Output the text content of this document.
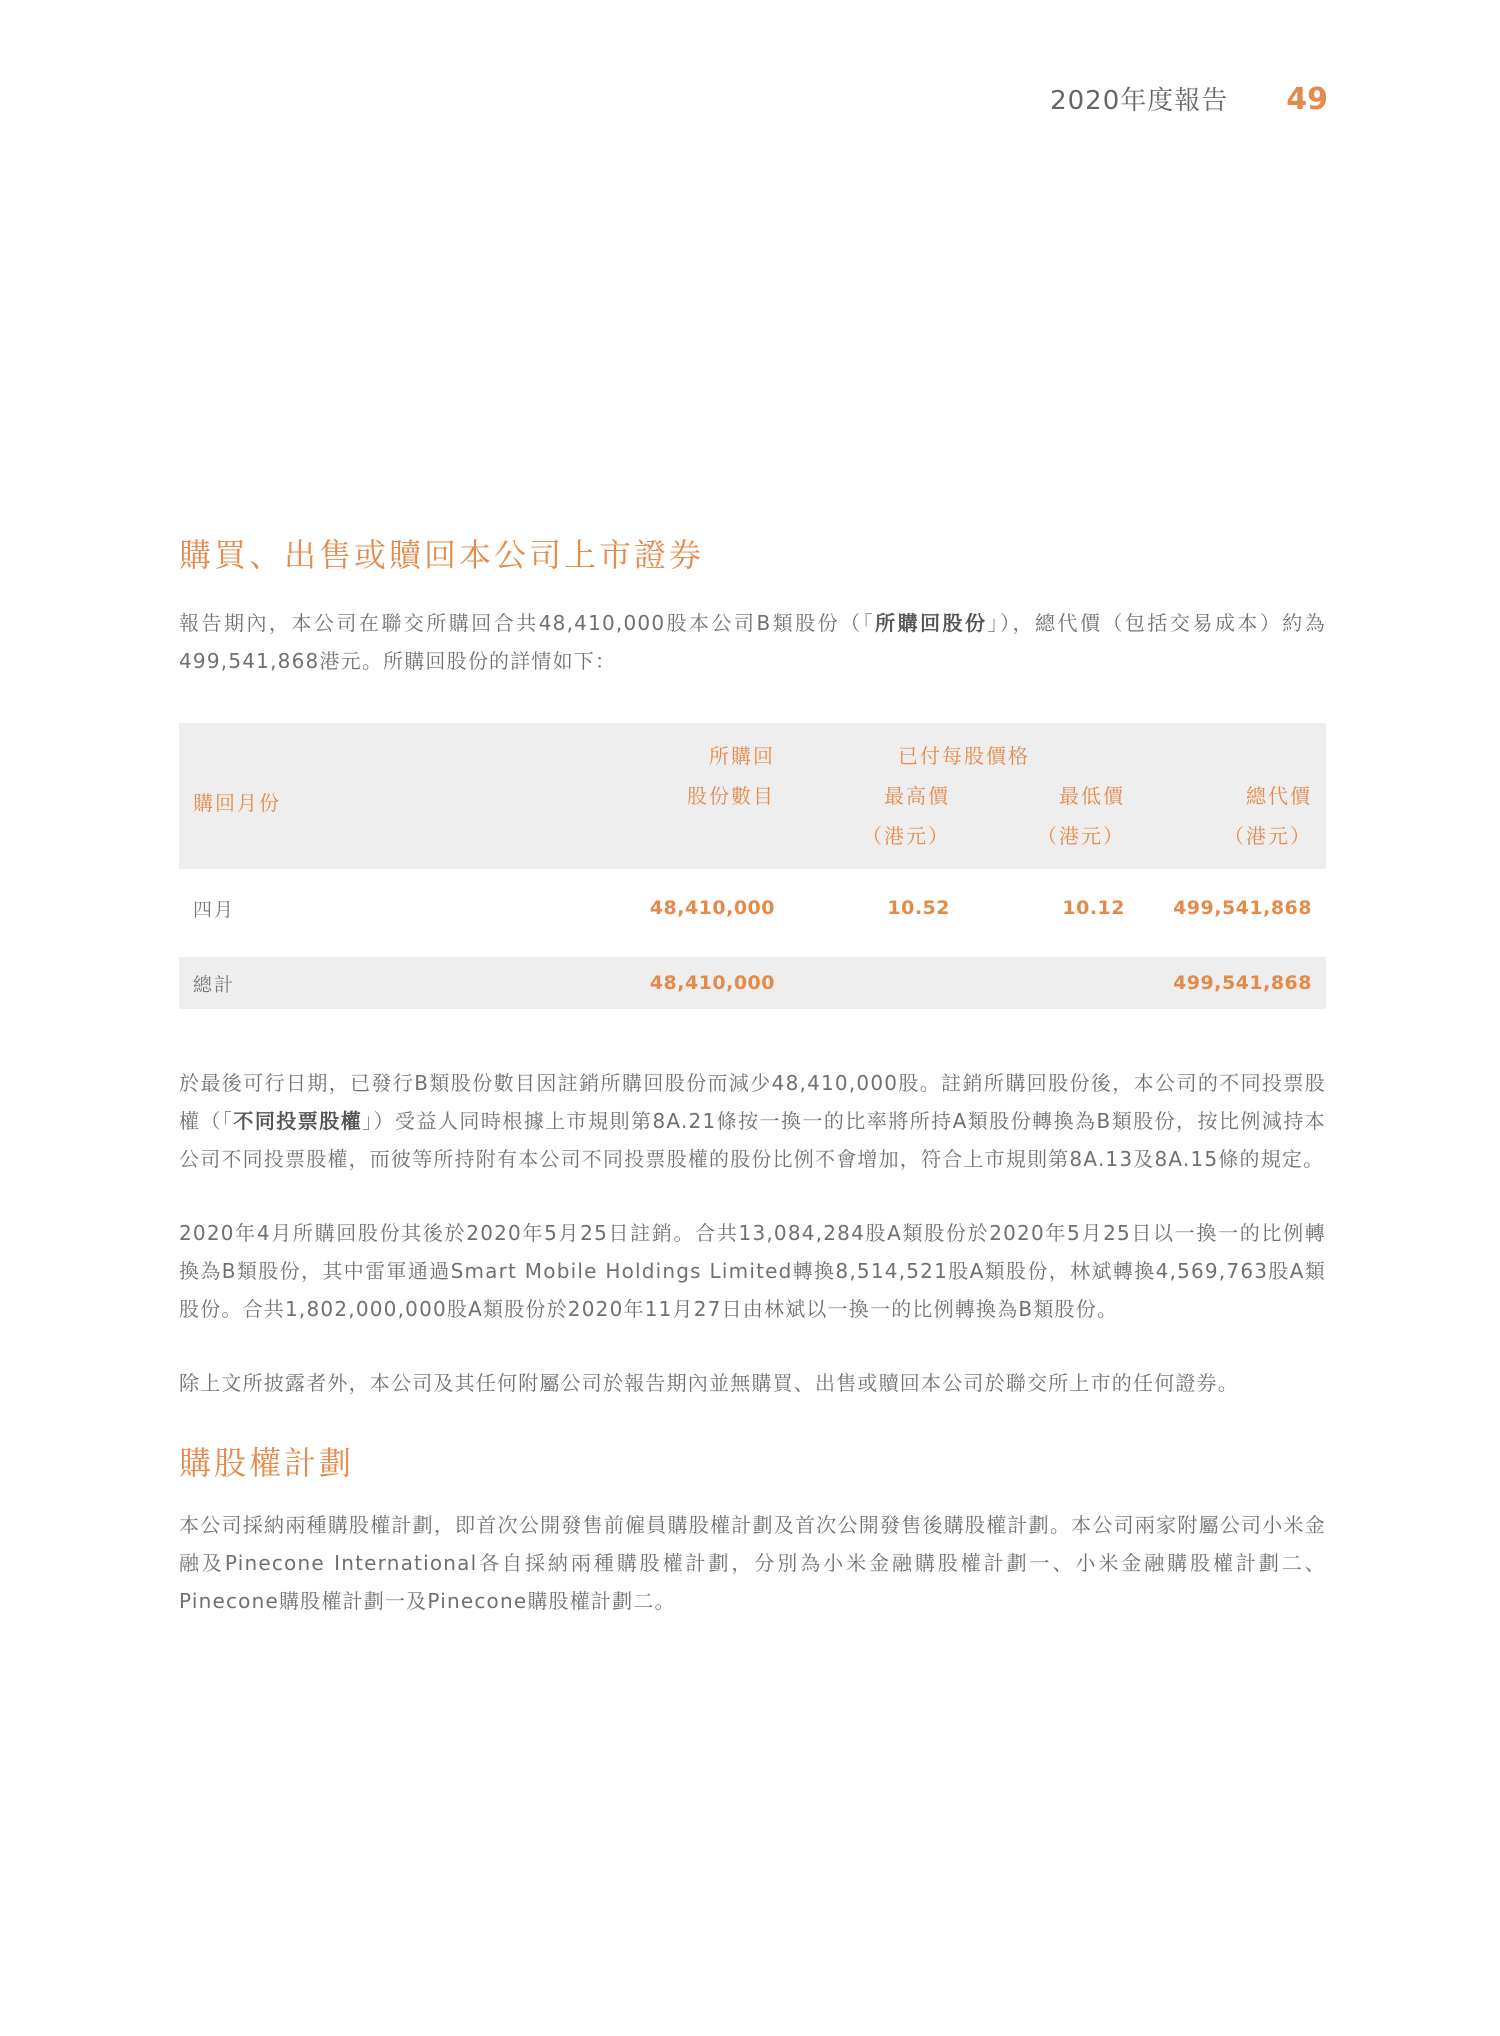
2020年度報告 49
購買、出售或贖回本公司上市證券

報告期內，本公司在聯交所購回合共48,410,000股本公司B類股份（「所購回股份」），總代價（包括交易成本）約為499,541,868港元。所購回股份的詳情如下：

購回月份	所購回	已付每股價格		
	股份數目	最高價	最低價	總代價
		（港元）	（港元）	（港元）
四月	48,410,000	10.52	10.12	499,541,868

總計	48,410,000			499,541,868

於最後可行日期，已發行B類股份數目因註銷所購回股份而減少48,410,000股。註銷所購回股份後，本公司的不同投票股權（「不同投票股權」）受益人同時根據上市規則第8A.21條按一換一的比率將所持A類股份轉換為B類股份，按比例減持本公司不同投票股權，而彼等所持附有本公司不同投票股權的股份比例不會增加，符合上市規則第8A.13及8A.15條的規定。

2020年4月所購回股份其後於2020年5月25日註銷。合共13,084,284股A類股份於2020年5月25日以一換一的比例轉換為B類股份，其中雷軍通過Smart Mobile Holdings Limited轉換8,514,521股A類股份，林斌轉換4,569,763股A類股份。合共1,802,000,000股A類股份於2020年11月27日由林斌以一換一的比例轉換為B類股份。

除上文所披露者外，本公司及其任何附屬公司於報告期內並無購買、出售或贖回本公司於聯交所上市的任何證券。

購股權計劃

本公司採納兩種購股權計劃，即首次公開發售前僱員購股權計劃及首次公開發售後購股權計劃。本公司兩家附屬公司小米金融及Pinecone International各自採納兩種購股權計劃，分別為小米金融購股權計劃一、小米金融購股權計劃二、Pinecone購股權計劃一及Pinecone購股權計劃二。
